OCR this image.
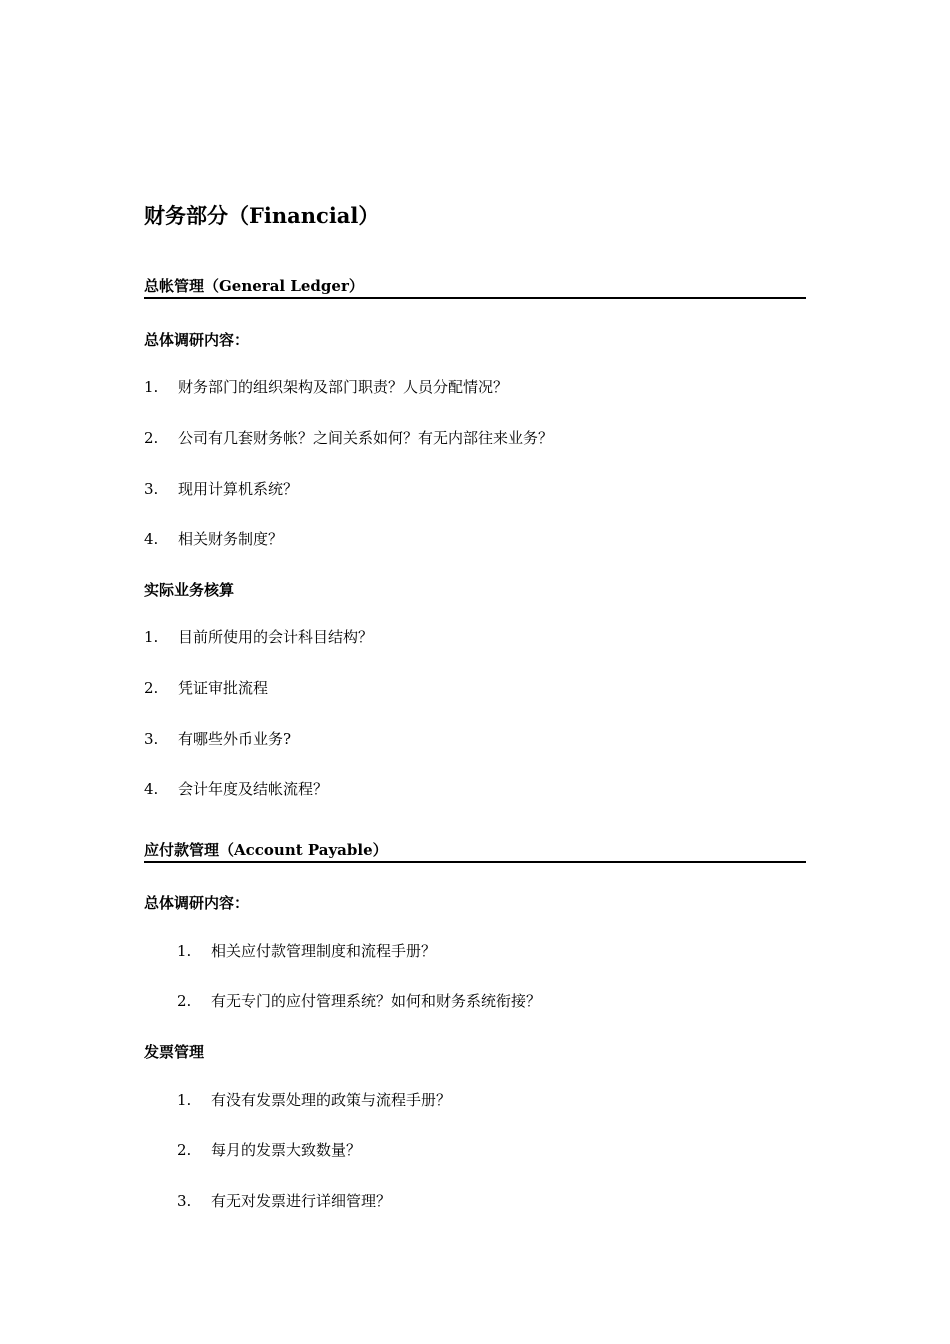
财务部分（Financial）
总帐管理（General Ledger）
总体调研内容：
1. 财务部门的组织架构及部门职责？人员分配情况？
2. 公司有几套财务帐？之间关系如何？有无内部往来业务？
3. 现用计算机系统？
4. 相关财务制度？
实际业务核算
1. 目前所使用的会计科目结构？
2. 凭证审批流程
3. 有哪些外币业务?
4. 会计年度及结帐流程？
应付款管理（Account Payable）
总体调研内容：
1. 相关应付款管理制度和流程手册？
2. 有无专门的应付管理系统？如何和财务系统衔接？
发票管理
1. 有没有发票处理的政策与流程手册？
2. 每月的发票大致数量？
3. 有无对发票进行详细管理？
